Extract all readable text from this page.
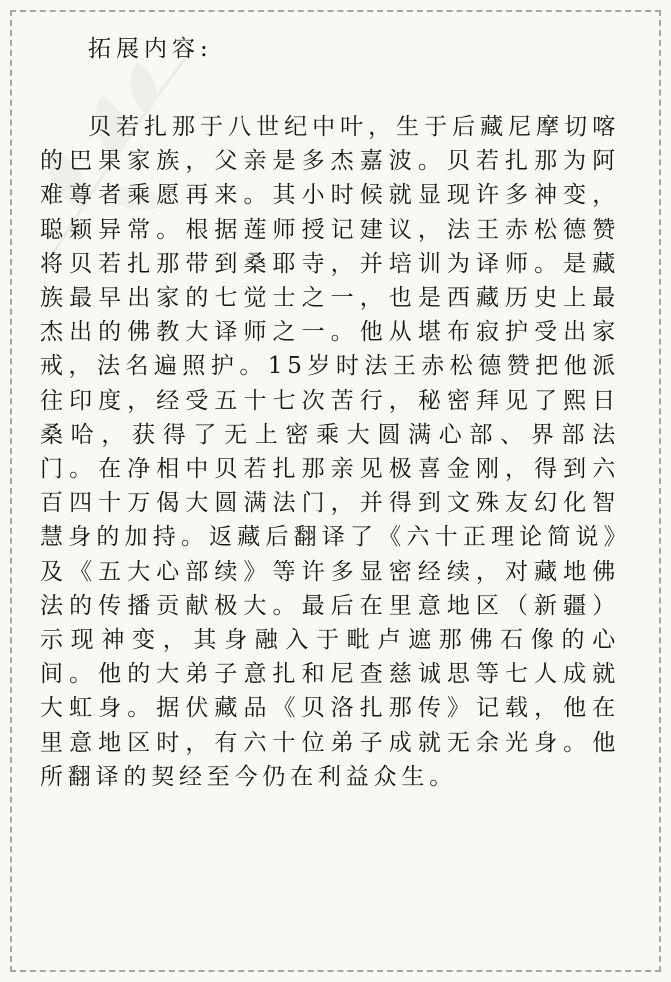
拓展内容:

贝若扎那于八世纪中叶，生于后藏尼摩切喀的巴果家族，父亲是多杰嘉波。贝若扎那为阿难尊者乘愿再来。其小时候就显现许多神变，聪颖异常。根据莲师授记建议，法王赤松德赞将贝若扎那带到桑耶寺，并培训为译师。是藏族最早出家的七觉士之一，也是西藏历史上最杰出的佛教大译师之一。他从堪布寂护受出家戒，法名遍照护。15岁时法王赤松德赞把他派往印度，经受五十七次苦行，秘密拜见了熙日桑哈，获得了无上密乘大圆满心部、界部法门。在净相中贝若扎那亲见极喜金刚，得到六百四十万偈大圆满法门，并得到文殊友幻化智慧身的加持。返藏后翻译了《六十正理论简说》及《五大心部续》等许多显密经续，对藏地佛法的传播贡献极大。最后在里意地区（新疆）示现神变，其身融入于毗卢遮那佛石像的心间。他的大弟子意扎和尼查慈诚思等七人成就大虹身。据伏藏品《贝洛扎那传》记载，他在里意地区时，有六十位弟子成就无余光身。他所翻译的契经至今仍在利益众生。
